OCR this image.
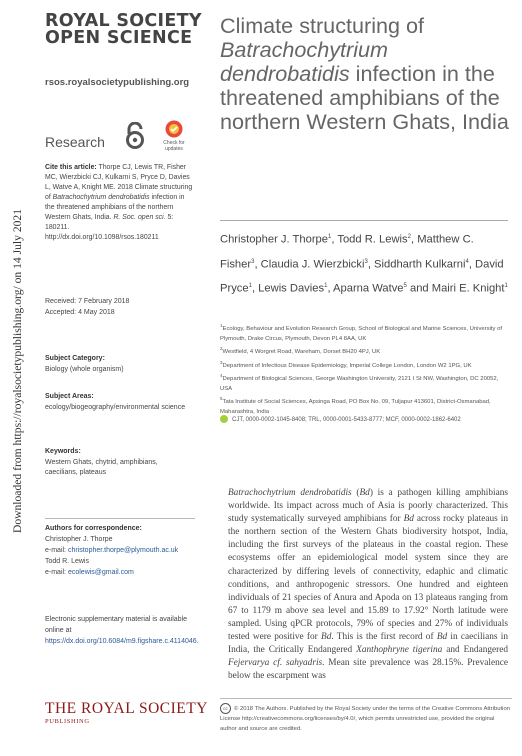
Downloaded from https://royalsocietypublishing.org/ on 14 July 2021
ROYAL SOCIETY
OPEN SCIENCE
rsos.royalsocietypublishing.org
Research	Check for updates
Cite this article: Thorpe CJ, Lewis TR, Fisher MC, Wierzbicki CJ, Kulkarni S, Pryce D, Davies L, Watve A, Knight ME. 2018 Climate structuring of Batrachochytrium dendrobatidis infection in the threatened amphibians of the northern Western Ghats, India. R. Soc. open sci. 5: 180211.
http://dx.doi.org/10.1098/rsos.180211
Received: 7 February 2018
Accepted: 4 May 2018
Subject Category:
Biology (whole organism)
Subject Areas:
ecology/biogeography/environmental science
Keywords:
Western Ghats, chytrid, amphibians, caecilians, plateaus
Authors for correspondence:
Christopher J. Thorpe
e-mail: christopher.thorpe@plymouth.ac.uk
Todd R. Lewis
e-mail: ecolewis@gmail.com
Electronic supplementary material is available online at https://dx.doi.org/10.6084/m9.figshare.c.4114046.
THE ROYAL SOCIETY
PUBLISHING
Climate structuring of Batrachochytrium dendrobatidis infection in the threatened amphibians of the northern Western Ghats, India
Christopher J. Thorpe$^1$, Todd R. Lewis$^2$, Matthew C. Fisher$^3$, Claudia J. Wierzbicki$^3$, Siddharth Kulkarni$^4$, David Pryce$^1$, Lewis Davies$^1$, Aparna Watve$^5$ and Mairi E. Knight$^1$
$^1$Ecology, Behaviour and Evolution Research Group, School of Biological and Marine Sciences, University of Plymouth, Drake Circus, Plymouth, Devon PL4 8AA, UK
$^2$Westfield, 4 Worgret Road, Wareham, Dorset BH20 4PJ, UK
$^3$Department of Infectious Disease Epidemiology, Imperial College London, London W2 1PG, UK
$^4$Department of Biological Sciences, George Washington University, 2121 I St NW, Washington, DC 20052, USA
$^5$Tata Institute of Social Sciences, Apsinga Road, PO Box No. 09, Tuljapur 413601, District-Osmanabad, Maharashtra, India
CJT, 0000-0002-1045-8408; TRL, 0000-0001-5433-8777; MCF, 0000-0002-1862-6402
Batrachochytrium dendrobatidis (Bd) is a pathogen killing amphibians worldwide. Its impact across much of Asia is poorly characterized. This study systematically surveyed amphibians for Bd across rocky plateaus in the northern section of the Western Ghats biodiversity hotspot, India, including the first surveys of the plateaus in the coastal region. These ecosystems offer an epidemiological model system since they are characterized by differing levels of connectivity, edaphic and climatic conditions, and anthropogenic stressors. One hundred and eighteen individuals of 21 species of Anura and Apoda on 13 plateaus ranging from 67 to 1179 m above sea level and 15.89 to 17.92° North latitude were sampled. Using qPCR protocols, 79% of species and 27% of individuals tested were positive for Bd. This is the first record of Bd in caecilians in India, the Critically Endangered Xanthophryne tigerina and Endangered Fejervarya cf. sahyadris. Mean site prevalence was 28.15%. Prevalence below the escarpment was
cc © 2018 The Authors. Published by the Royal Society under the terms of the Creative Commons Attribution License http://creativecommons.org/licenses/by/4.0/, which permits unrestricted use, provided the original author and source are credited.
